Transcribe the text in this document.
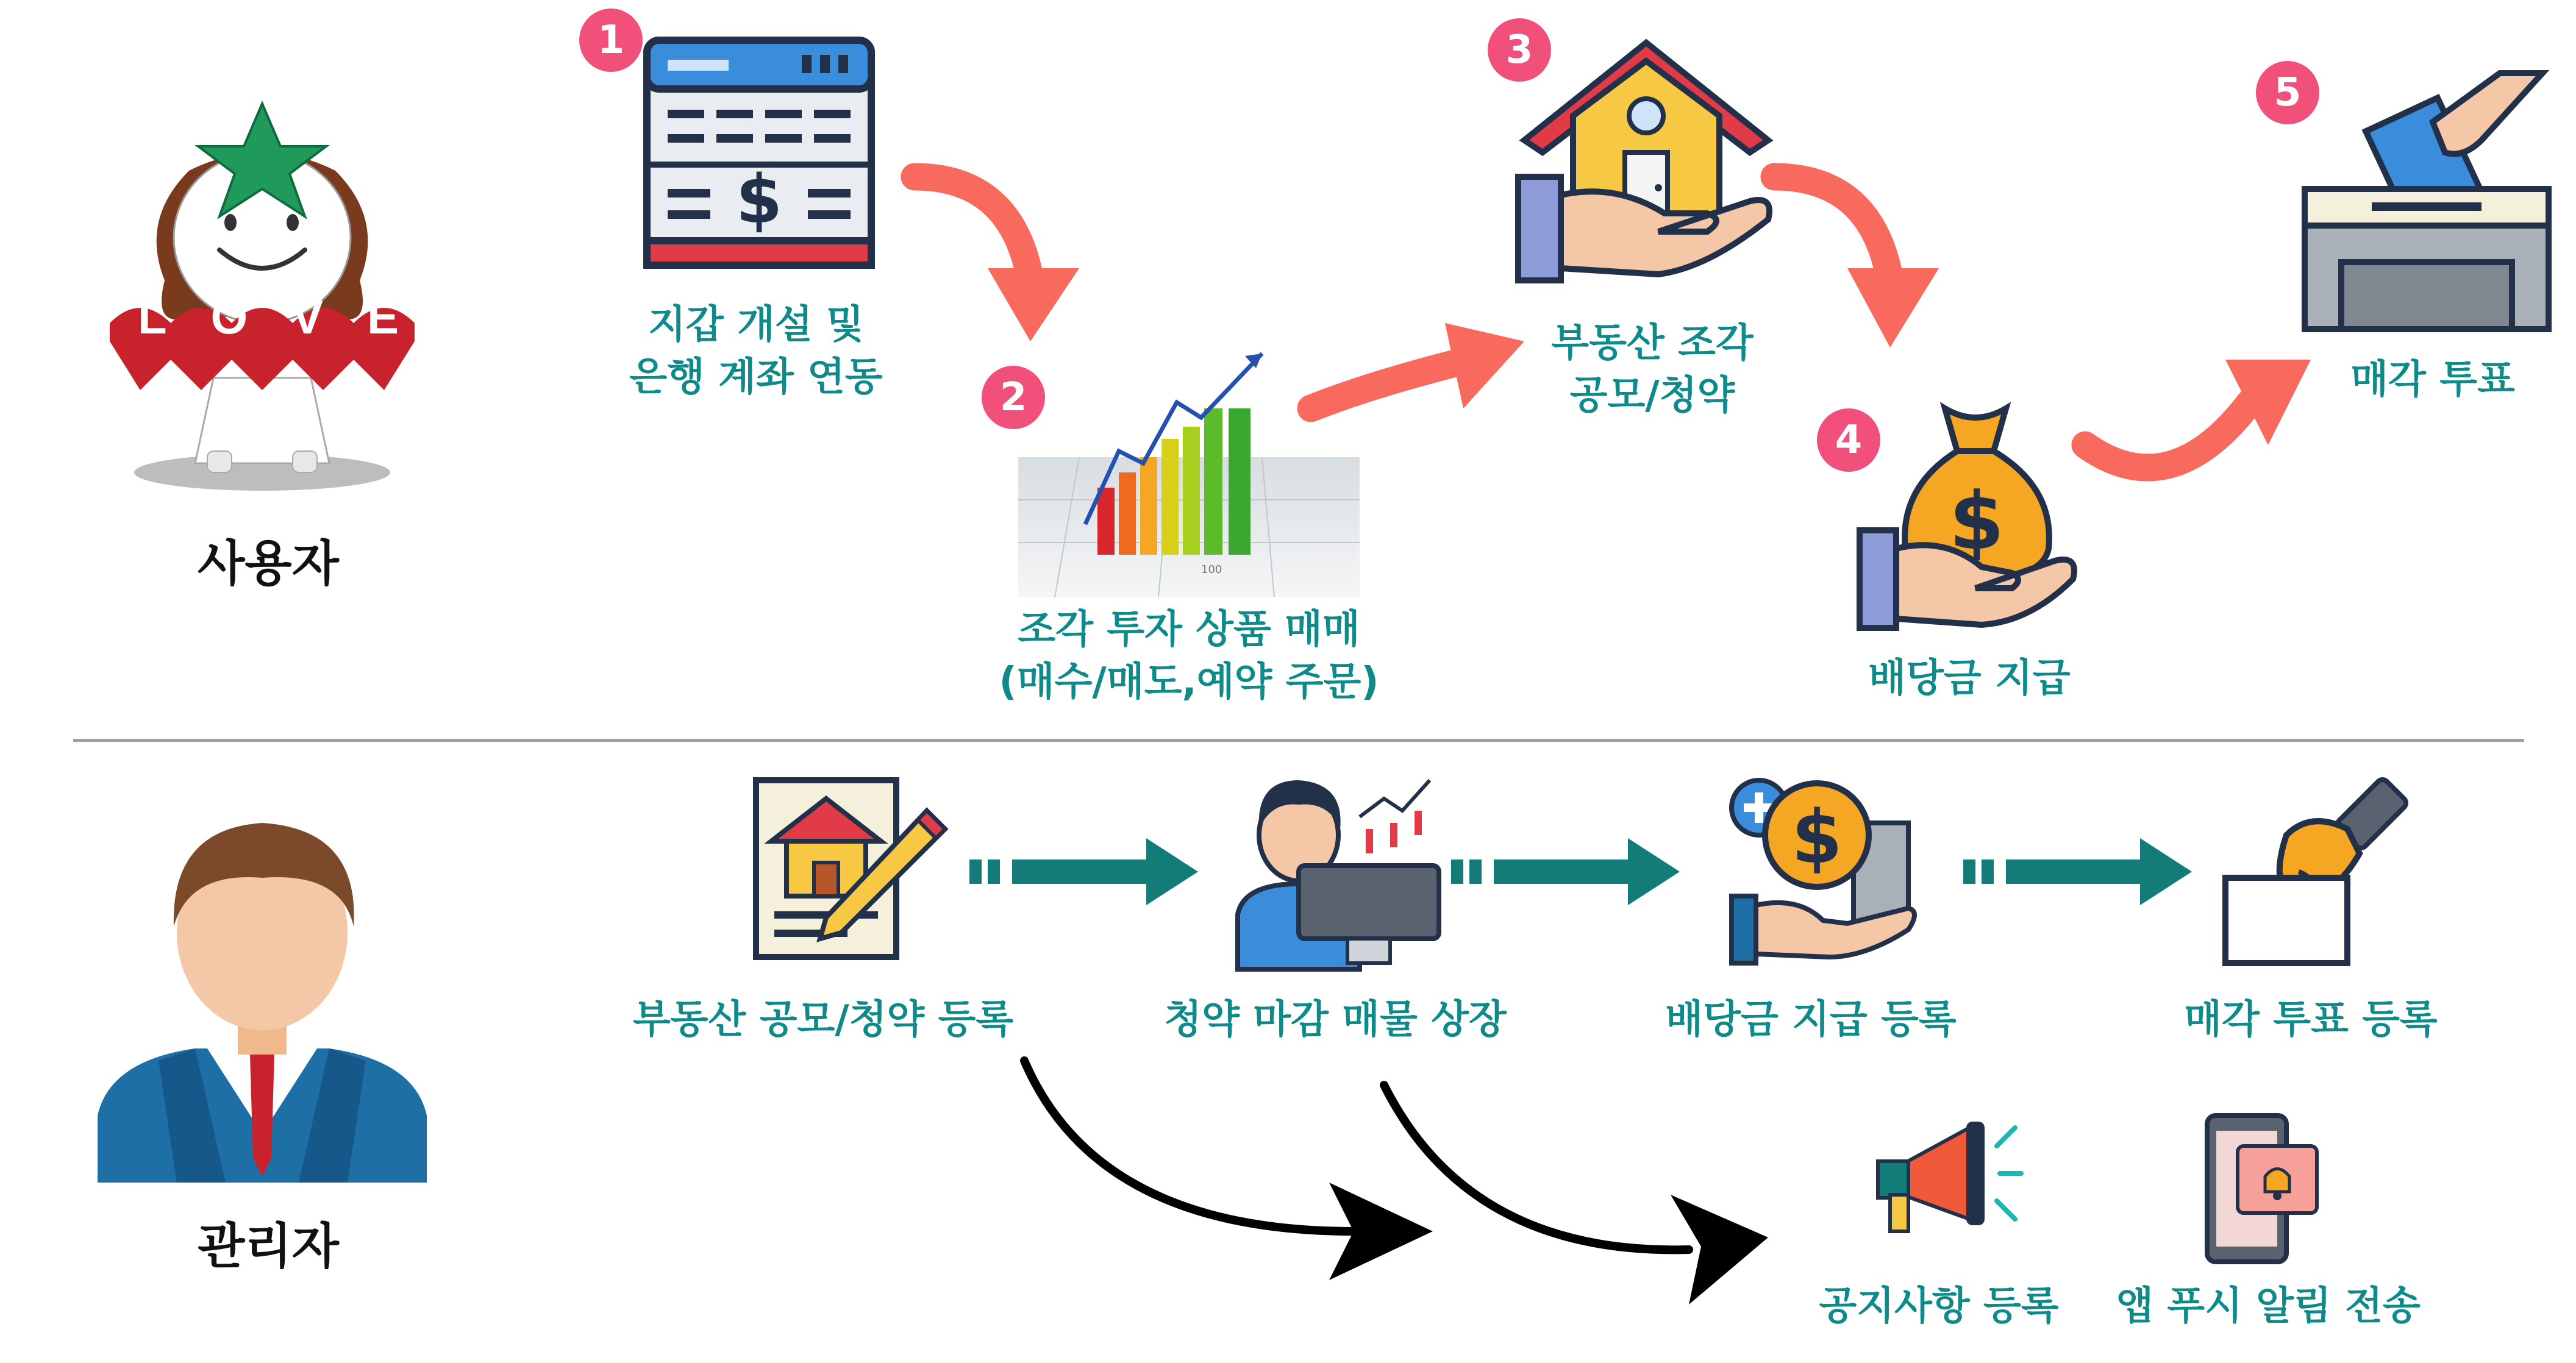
L O V E
사용자
1
$
지갑 개설 및
은행 계좌 연동	2
100
조각 투자 상품 매매
(매수/매도,예약 주문)
3
부동산 조각
공모/청약
4
$
배당금 지급
5
매각 투표
관리자
부동산 공모/청약 등록	청약 마감 매물 상장
$
배당금 지급 등록	매각 투표 등록
공지사항 등록	앱 푸시 알림 전송
